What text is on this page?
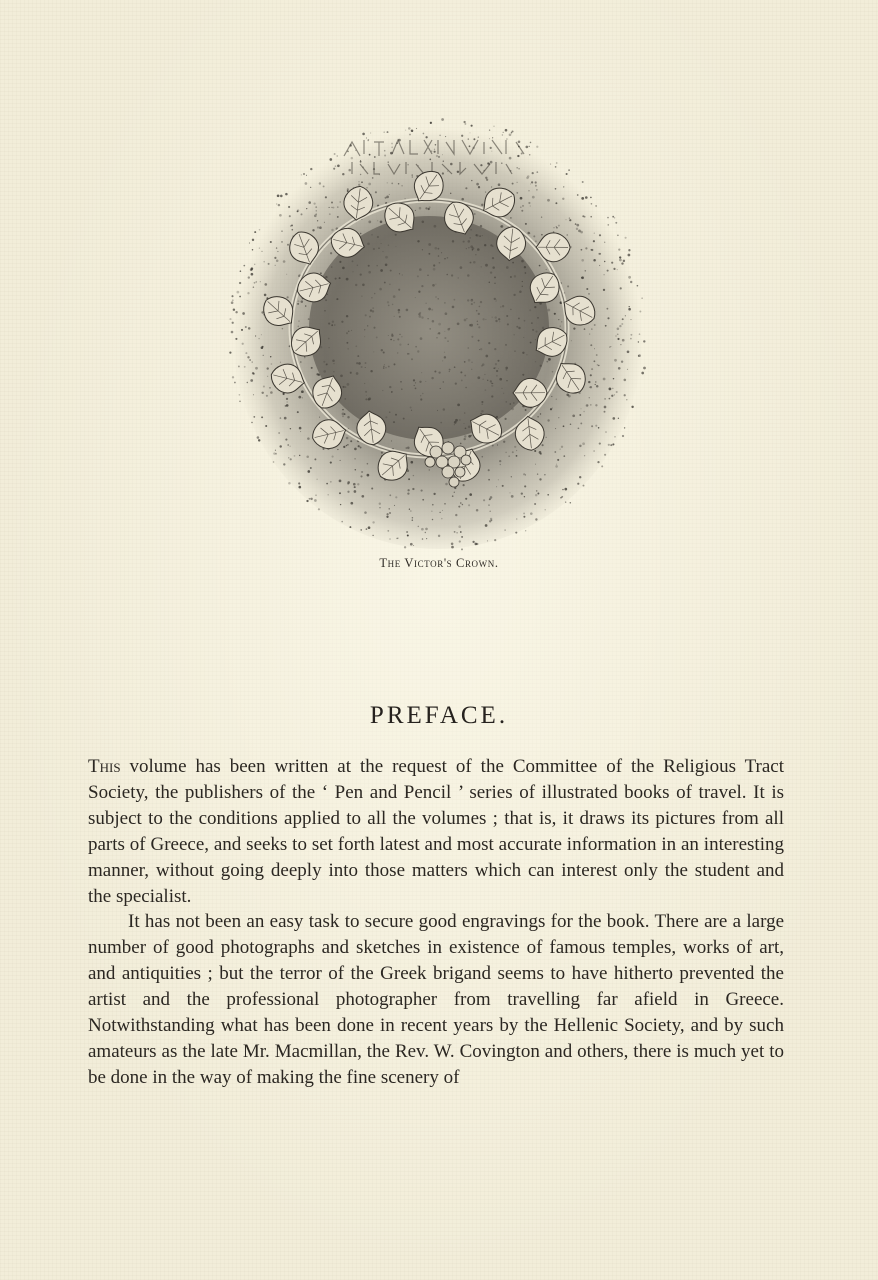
The Victor's Crown.
PREFACE.

This volume has been written at the request of the Committee of the Religious Tract Society, the publishers of the ‘ Pen and Pencil ’ series of illustrated books of travel. It is subject to the conditions applied to all the volumes ; that is, it draws its pictures from all parts of Greece, and seeks to set forth latest and most accurate information in an interesting manner, without going deeply into those matters which can interest only the student and the specialist.

It has not been an easy task to secure good engravings for the book. There are a large number of good photographs and sketches in existence of famous temples, works of art, and antiquities ; but the terror of the Greek brigand seems to have hitherto prevented the artist and the professional photographer from travelling far afield in Greece. Notwithstanding what has been done in recent years by the Hellenic Society, and by such amateurs as the late Mr. Macmillan, the Rev. W. Covington and others, there is much yet to be done in the way of making the fine scenery of
